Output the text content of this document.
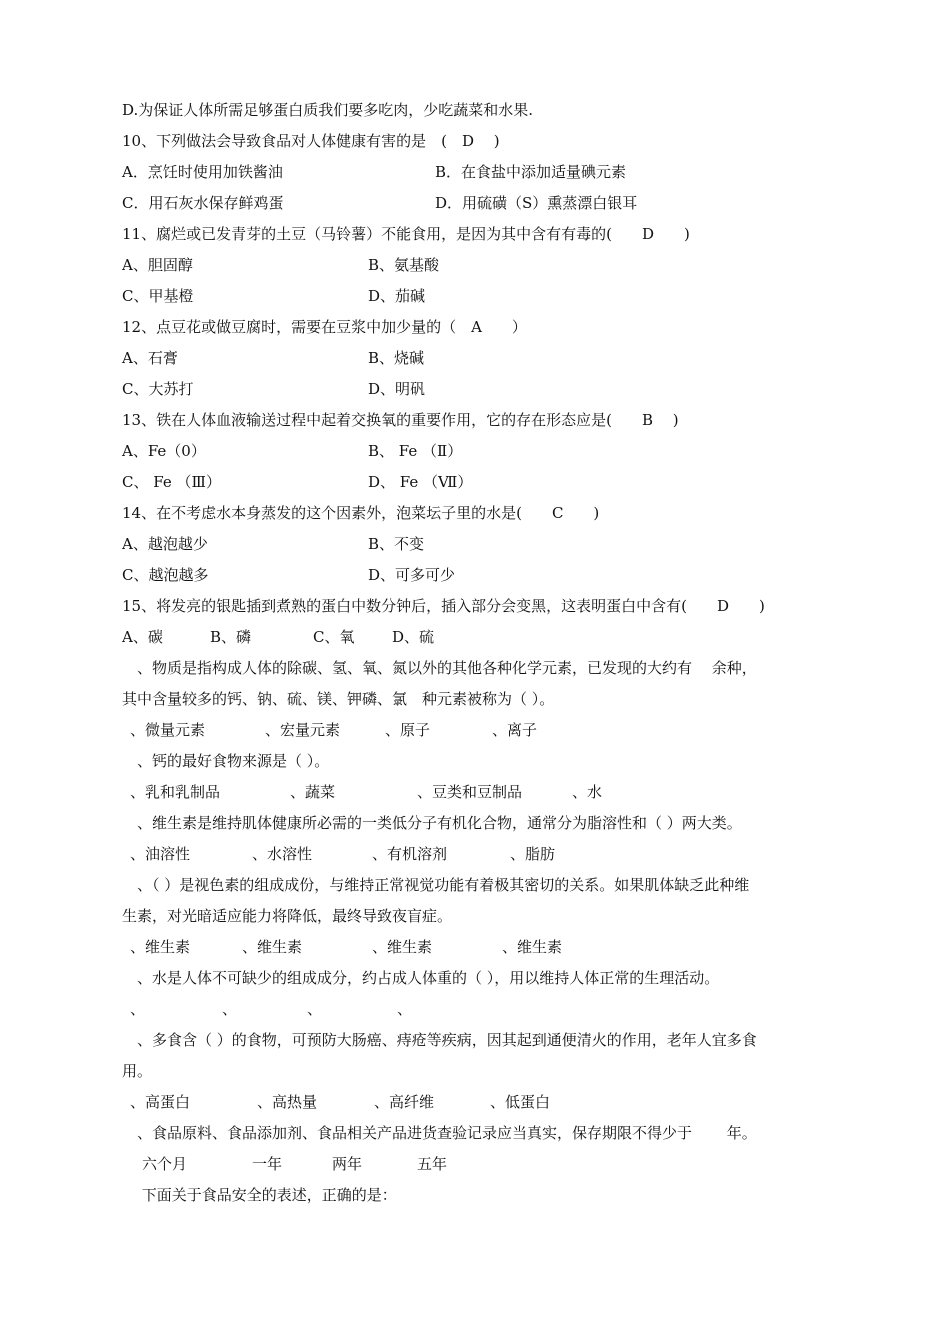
D.为保证人体所需足够蛋白质我们要多吃肉，少吃蔬菜和水果.
10、下列做法会导致食品对人体健康有害的是　(　D　 )

A．烹饪时使用加铁酱油

	B．在食盐中添加适量碘元素

C．用石灰水保存鲜鸡蛋

	D．用硫磺（S）熏蒸漂白银耳

11、腐烂或已发青芽的土豆（马铃薯）不能食用，是因为其中含有有毒的(　　D　　)

A、胆固醇

	B、氨基酸

C、甲基橙

	D、茄碱

12、点豆花或做豆腐时，需要在豆浆中加少量的（　A　　）

A、石膏

	B、烧碱

C、大苏打

	D、明矾

13、铁在人体血液输送过程中起着交换氧的重要作用，它的存在形态应是(　　B　 )

A、Fe（0）

	B、 Fe （Ⅱ）

C、 Fe （Ⅲ）

	D、 Fe （Ⅶ）

14、在不考虑水本身蒸发的这个因素外，泡菜坛子里的水是(　　C　　)

A、越泡越少

	B、不变

C、越泡越多

	D、可多可少

15、将发亮的银匙插到煮熟的蛋白中数分钟后，插入部分会变黑，这表明蛋白中含有(　　D　　)

A、碳

	B、磷

	C、氧

	D、硫

　、物质是指构成人体的除碳、氢、氧、氮以外的其他各种化学元素，已发现的大约有　 余种，
其中含量较多的钙、钠、硫、镁、钾磷、氯　种元素被称为（ ）。

、微量元素

	、宏量元素

	、原子

	、离子

　、钙的最好食物来源是（ ）。

、乳和乳制品

	、蔬菜

	、豆类和豆制品

	、水

　、维生素是维持肌体健康所必需的一类低分子有机化合物，通常分为脂溶性和（ ）两大类。

、油溶性

	、水溶性

	、有机溶剂

	、脂肪

　、（ ）是视色素的组成成份，与维持正常视觉功能有着极其密切的关系。如果肌体缺乏此种维
生素，对光暗适应能力将降低，最终导致夜盲症。

、维生素

	、维生素

	、维生素

	、维生素

　、水是人体不可缺少的组成成分，约占成人体重的（ ），用以维持人体正常的生理活动。

、

	、

	、

	、

　、多食含（ ）的食物，可预防大肠癌、痔疮等疾病，因其起到通便清火的作用，老年人宜多食
用。

、高蛋白

	、高热量

	、高纤维

	、低蛋白

　、食品原料、食品添加剂、食品相关产品进货查验记录应当真实，保存期限不得少于　　 年。

六个月

	一年

	两年

	五年

　 下面关于食品安全的表述，正确的是：
